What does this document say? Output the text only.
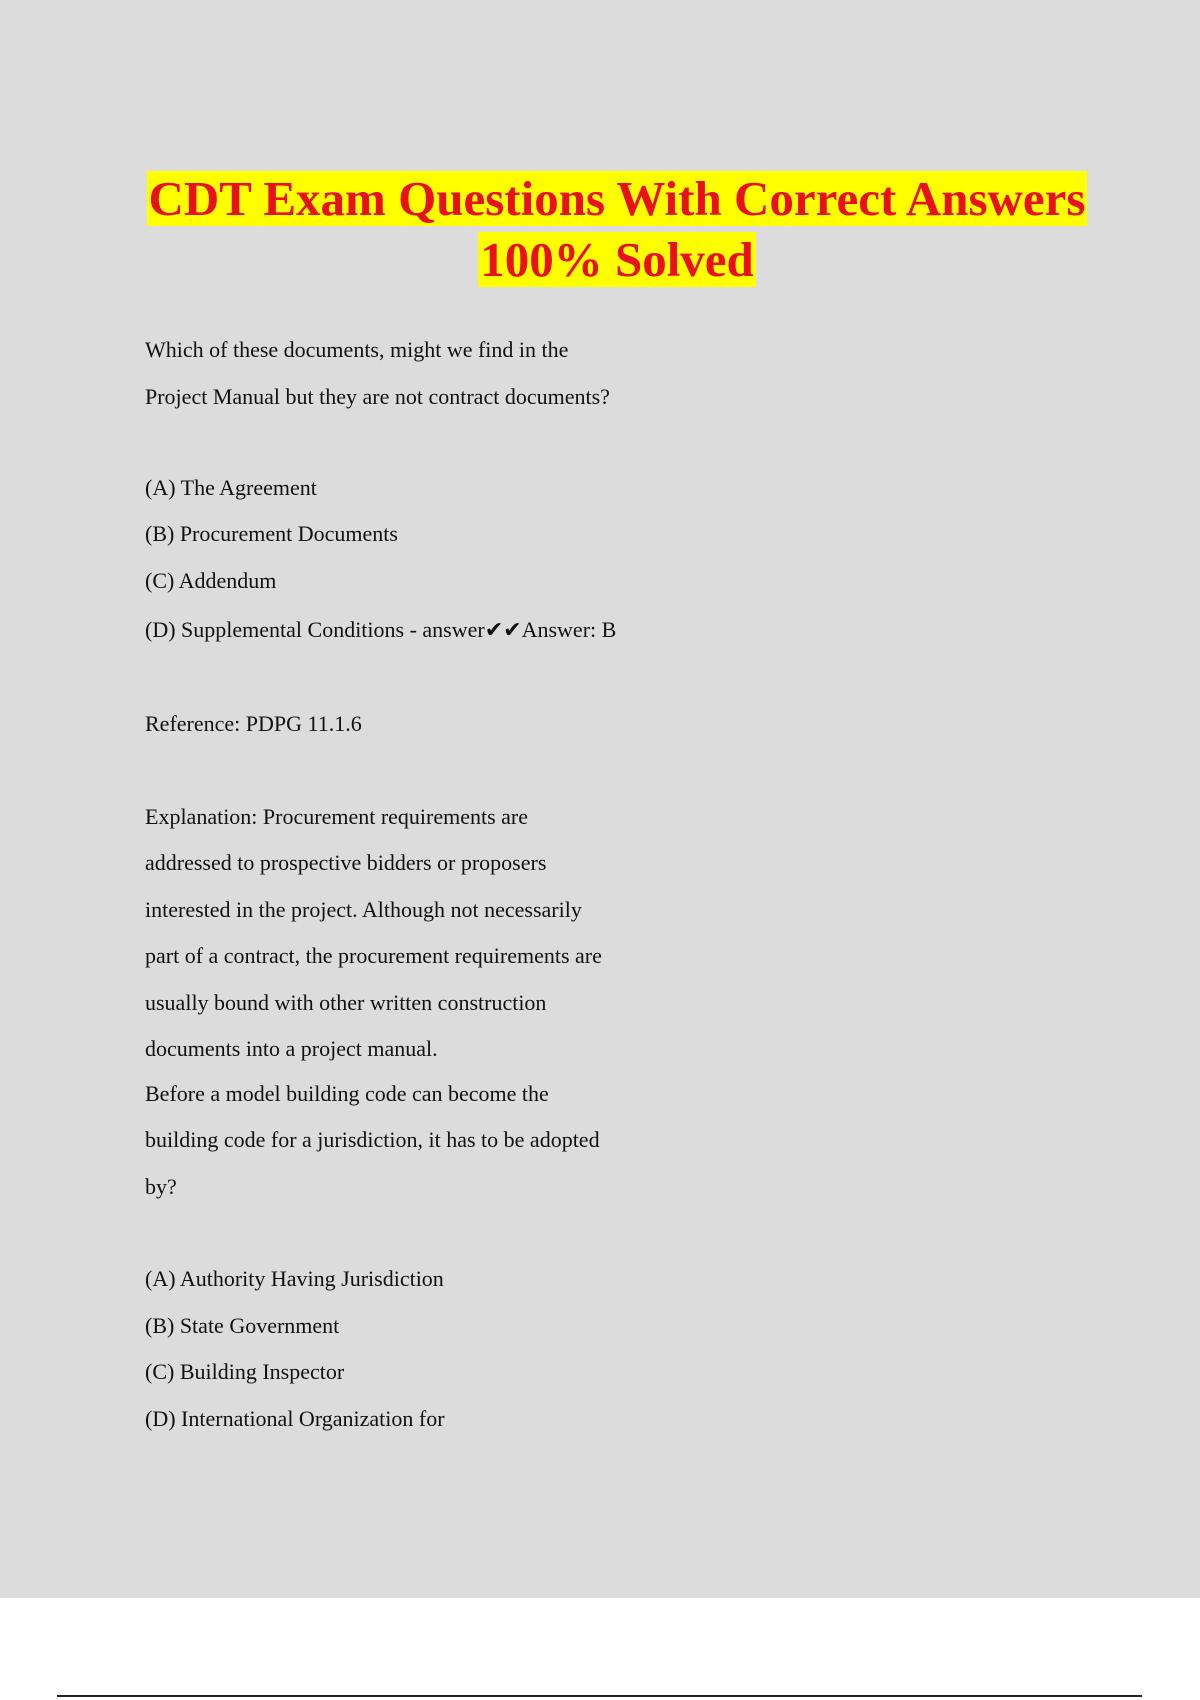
CDT Exam Questions With Correct Answers
100% Solved
Which of these documents, might we find in the
Project Manual but they are not contract documents?
(A) The Agreement
(B) Procurement Documents
(C) Addendum
(D) Supplemental Conditions - answer✔✔Answer: B
Reference: PDPG 11.1.6
Explanation: Procurement requirements are
addressed to prospective bidders or proposers
interested in the project. Although not necessarily
part of a contract, the procurement requirements are
usually bound with other written construction
documents into a project manual.
Before a model building code can become the
building code for a jurisdiction, it has to be adopted
by?
(A) Authority Having Jurisdiction
(B) State Government
(C) Building Inspector
(D) International Organization for
